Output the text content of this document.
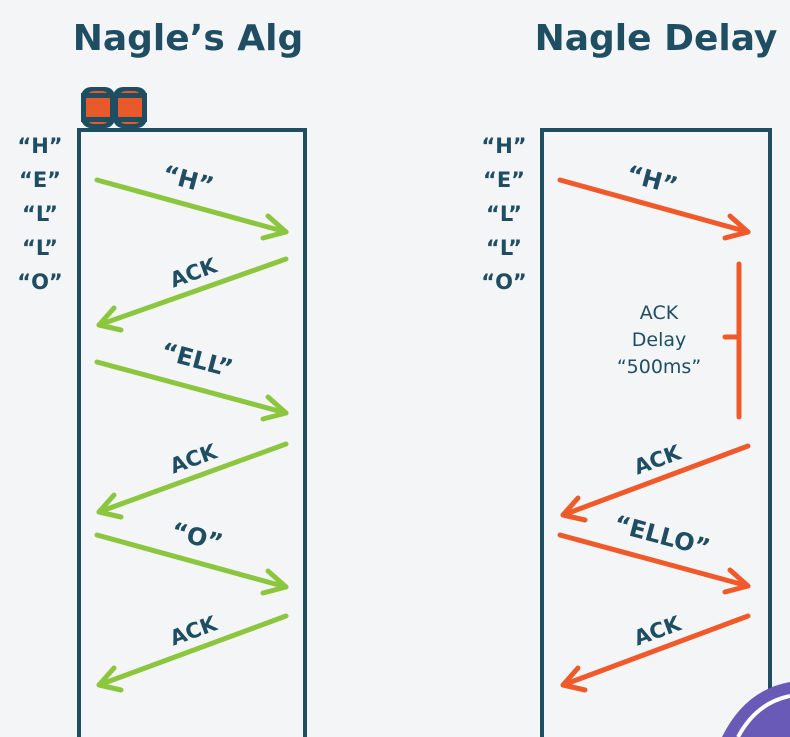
Nagle’s Alg	Nagle Delay
“H”
“E”
“L”
“L”
“O”
“H”
“E”
“L”
“L”
“O”
“H”
ACK
“ELL”
ACK
“O”
ACK
“H”
ACK
“ELLO”
ACK
ACK
Delay
“500ms”
